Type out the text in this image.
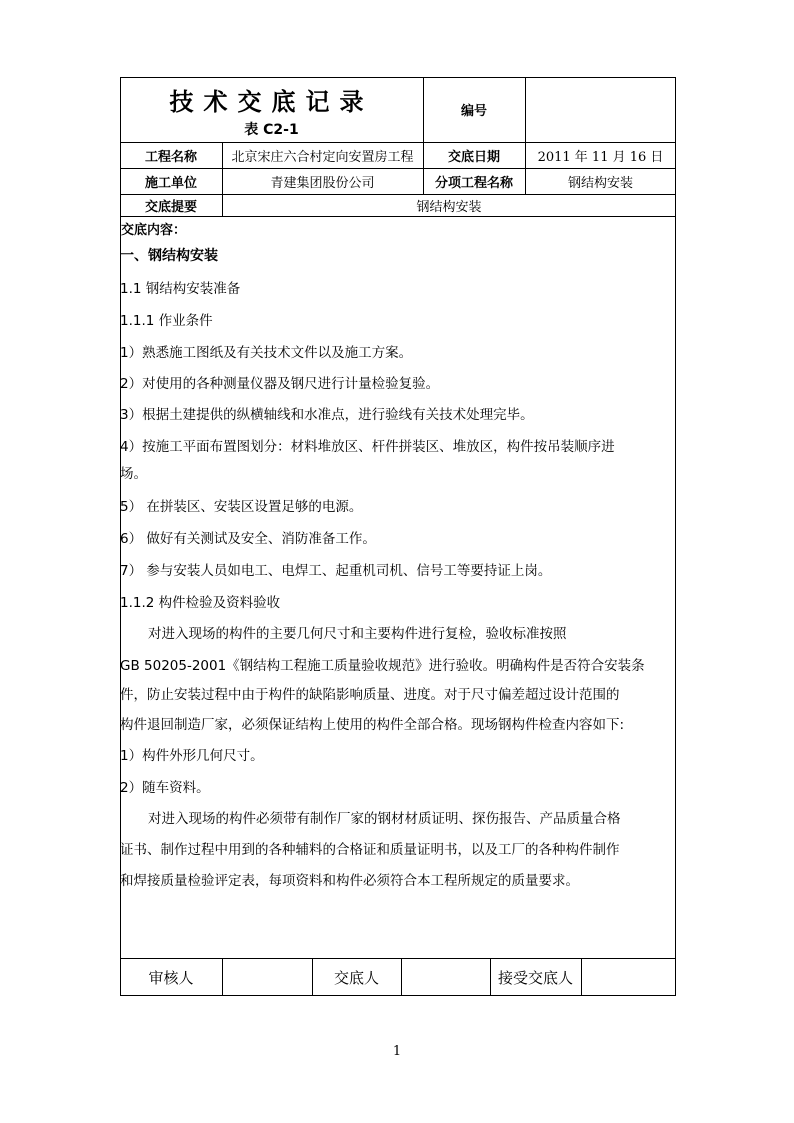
技术交底记录
表 C2-1
编号
工程名称	北京宋庄六合村定向安置房工程	交底日期	2011 年 11 月 16 日
施工单位	青建集团股份公司	分项工程名称	钢结构安装
交底提要	钢结构安装
交底内容：
一、钢结构安装
1.1 钢结构安装准备
1.1.1 作业条件
1）熟悉施工图纸及有关技术文件以及施工方案。
2）对使用的各种测量仪器及钢尺进行计量检验复验。
3）根据土建提供的纵横轴线和水准点，进行验线有关技术处理完毕。
4）按施工平面布置图划分：材料堆放区、杆件拼装区、堆放区，构件按吊装顺序进
场。
5） 在拼装区、安装区设置足够的电源。
6） 做好有关测试及安全、消防准备工作。
7） 参与安装人员如电工、电焊工、起重机司机、信号工等要持证上岗。
1.1.2 构件检验及资料验收
对进入现场的构件的主要几何尺寸和主要构件进行复检，验收标准按照
GB 50205-2001《钢结构工程施工质量验收规范》进行验收。明确构件是否符合安装条
件，防止安装过程中由于构件的缺陷影响质量、进度。对于尺寸偏差超过设计范围的
构件退回制造厂家，必须保证结构上使用的构件全部合格。现场钢构件检查内容如下:
1）构件外形几何尺寸。
2）随车资料。
对进入现场的构件必须带有制作厂家的钢材材质证明、探伤报告、产品质量合格
证书、制作过程中用到的各种辅料的合格证和质量证明书，以及工厂的各种构件制作
和焊接质量检验评定表，每项资料和构件必须符合本工程所规定的质量要求。
审核人	交底人	接受交底人
1
